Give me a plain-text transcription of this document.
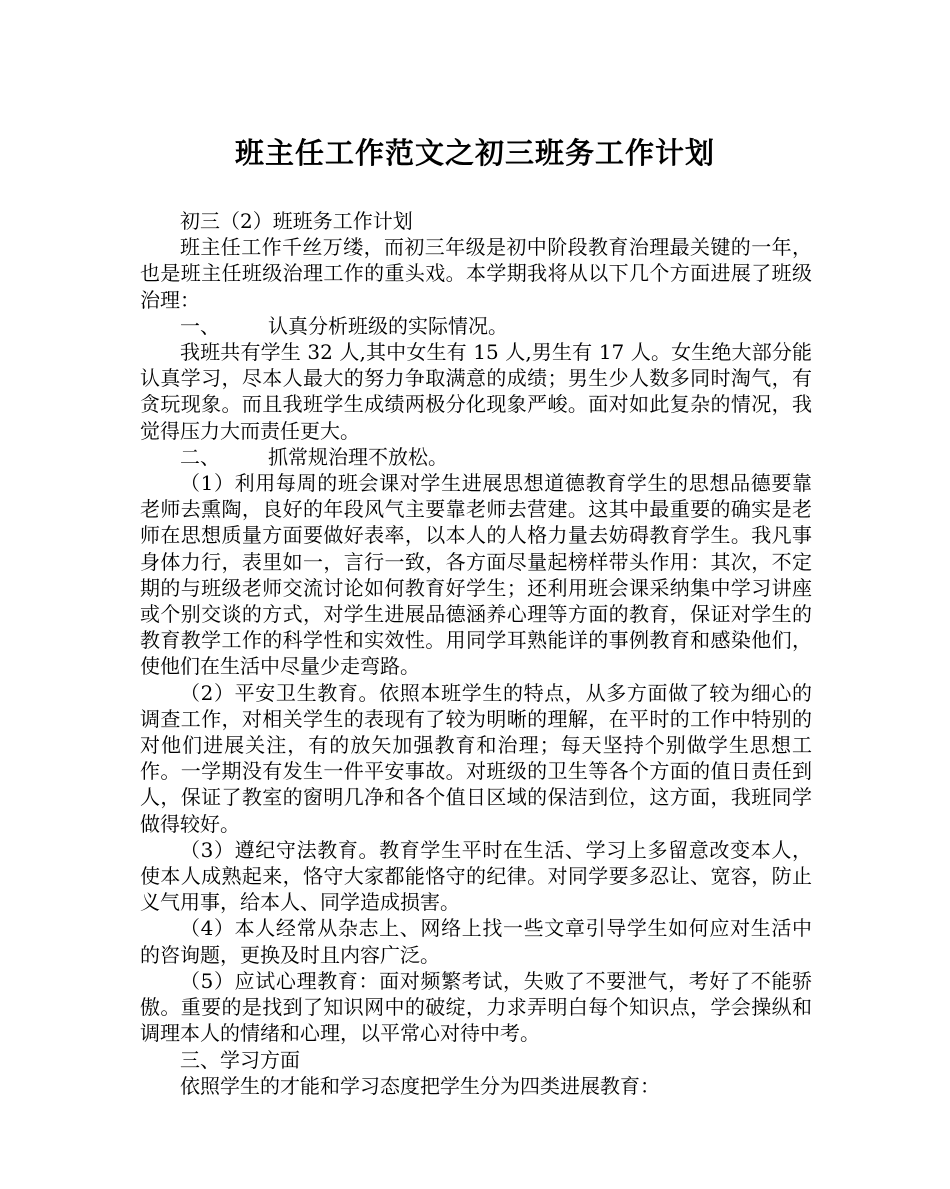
班主任工作范文之初三班务工作计划

初三（2）班班务工作计划

班主任工作千丝万缕，而初三年级是初中阶段教育治理最关键的一年，也是班主任班级治理工作的重头戏。本学期我将从以下几个方面进展了班级治理：

一、 认真分析班级的实际情况。

我班共有学生 32 人,其中女生有 15 人,男生有 17 人。女生绝大部分能认真学习，尽本人最大的努力争取满意的成绩；男生少人数多同时淘气，有贪玩现象。而且我班学生成绩两极分化现象严峻。面对如此复杂的情况，我觉得压力大而责任更大。

二、 抓常规治理不放松。

（1）利用每周的班会课对学生进展思想道德教育学生的思想品德要靠老师去熏陶，良好的年段风气主要靠老师去营建。这其中最重要的确实是老师在思想质量方面要做好表率，以本人的人格力量去妨碍教育学生。我凡事身体力行，表里如一，言行一致，各方面尽量起榜样带头作用：其次，不定期的与班级老师交流讨论如何教育好学生；还利用班会课采纳集中学习讲座或个别交谈的方式，对学生进展品德涵养心理等方面的教育，保证对学生的教育教学工作的科学性和实效性。用同学耳熟能详的事例教育和感染他们，使他们在生活中尽量少走弯路。

（2）平安卫生教育。依照本班学生的特点，从多方面做了较为细心的调查工作，对相关学生的表现有了较为明晰的理解，在平时的工作中特别的对他们进展关注，有的放矢加强教育和治理；每天坚持个别做学生思想工作。一学期没有发生一件平安事故。对班级的卫生等各个方面的值日责任到人，保证了教室的窗明几净和各个值日区域的保洁到位，这方面，我班同学做得较好。

（3）遵纪守法教育。教育学生平时在生活、学习上多留意改变本人，使本人成熟起来，恪守大家都能恪守的纪律。对同学要多忍让、宽容，防止义气用事，给本人、同学造成损害。

（4）本人经常从杂志上、网络上找一些文章引导学生如何应对生活中的咨询题，更换及时且内容广泛。

（5）应试心理教育：面对频繁考试，失败了不要泄气，考好了不能骄傲。重要的是找到了知识网中的破绽，力求弄明白每个知识点，学会操纵和调理本人的情绪和心理，以平常心对待中考。

三、学习方面

依照学生的才能和学习态度把学生分为四类进展教育：
